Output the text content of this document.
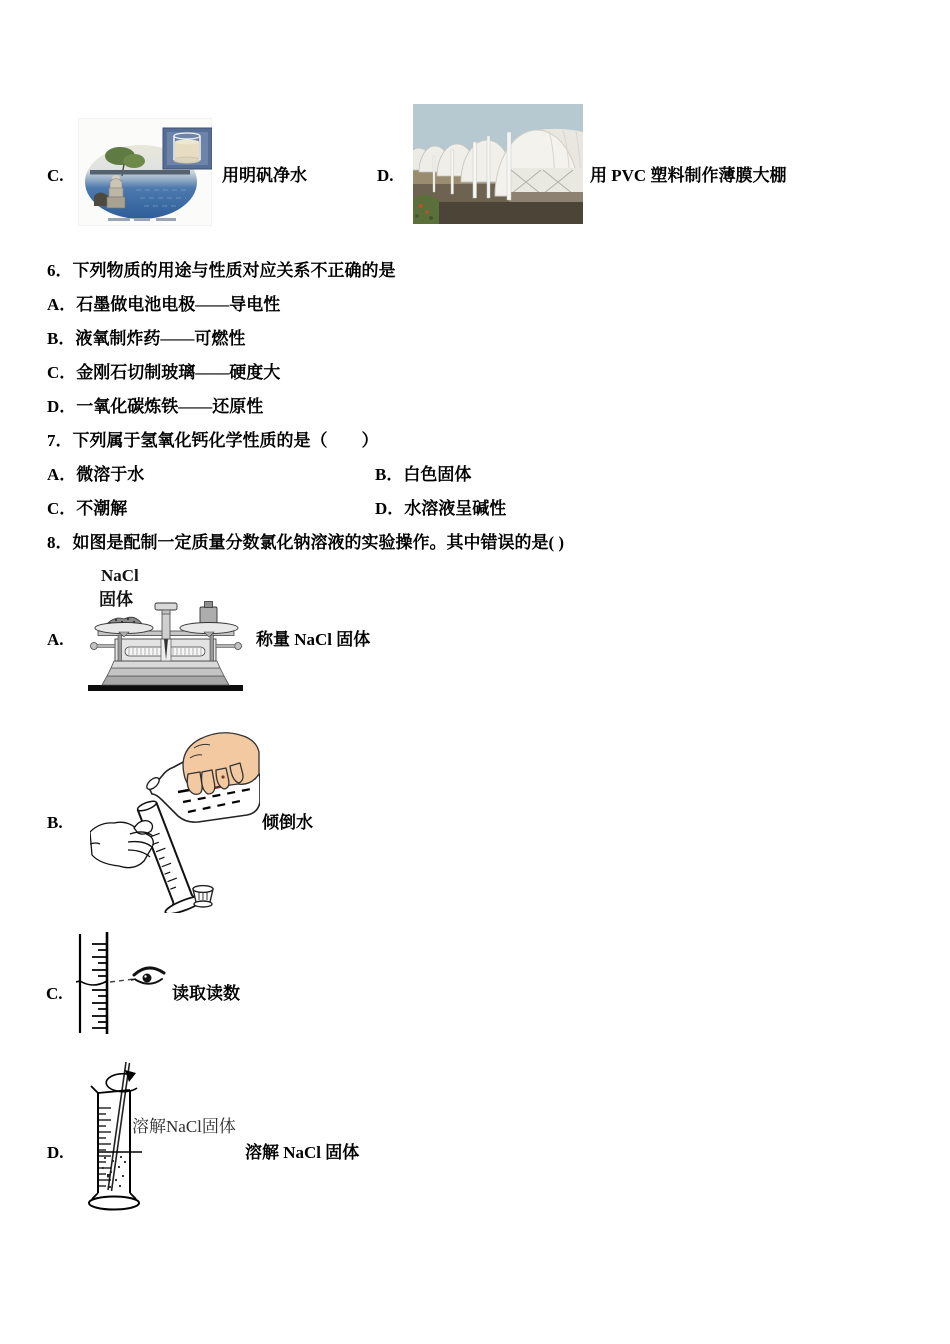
C.	用明矾净水	D.	用 PVC 塑料制作薄膜大棚
6．下列物质的用途与性质对应关系不正确的是
A．石墨做电池电极——导电性
B．液氧制炸药——可燃性
C．金刚石切制玻璃——硬度大
D．一氧化碳炼铁——还原性
7．下列属于氢氧化钙化学性质的是（　　）
A．微溶于水	B．白色固体
C．不潮解	D．水溶液呈碱性
8．如图是配制一定质量分数氯化钠溶液的实验操作。其中错误的是( )
NaCl
固体
A.	称量 NaCl 固体
B.	倾倒水
C.	读取读数
D.
溶解NaCl固体
溶解 NaCl 固体
